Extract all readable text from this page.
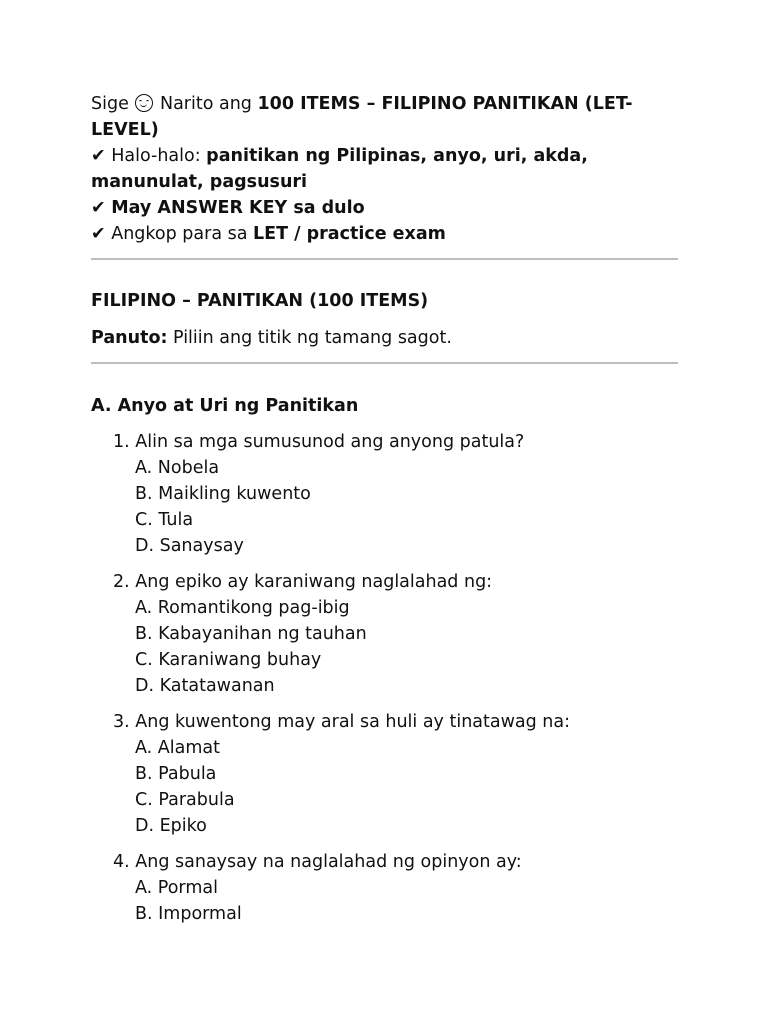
Sige
Narito ang 100 ITEMS – FILIPINO PANITIKAN (LET-
LEVEL)
✔ Halo-halo: panitikan ng Pilipinas, anyo, uri, akda,
manunulat, pagsusuri
✔ May ANSWER KEY sa dulo
✔ Angkop para sa LET / practice exam
FILIPINO – PANITIKAN (100 ITEMS)
Panuto: Piliin ang titik ng tamang sagot.
A. Anyo at Uri ng Panitikan
1. Alin sa mga sumusunod ang anyong patula?
A. Nobela
B. Maikling kuwento
C. Tula
D. Sanaysay
2. Ang epiko ay karaniwang naglalahad ng:
A. Romantikong pag-ibig
B. Kabayanihan ng tauhan
C. Karaniwang buhay
D. Katatawanan
3. Ang kuwentong may aral sa huli ay tinatawag na:
A. Alamat
B. Pabula
C. Parabula
D. Epiko
4. Ang sanaysay na naglalahad ng opinyon ay:
A. Pormal
B. Impormal
